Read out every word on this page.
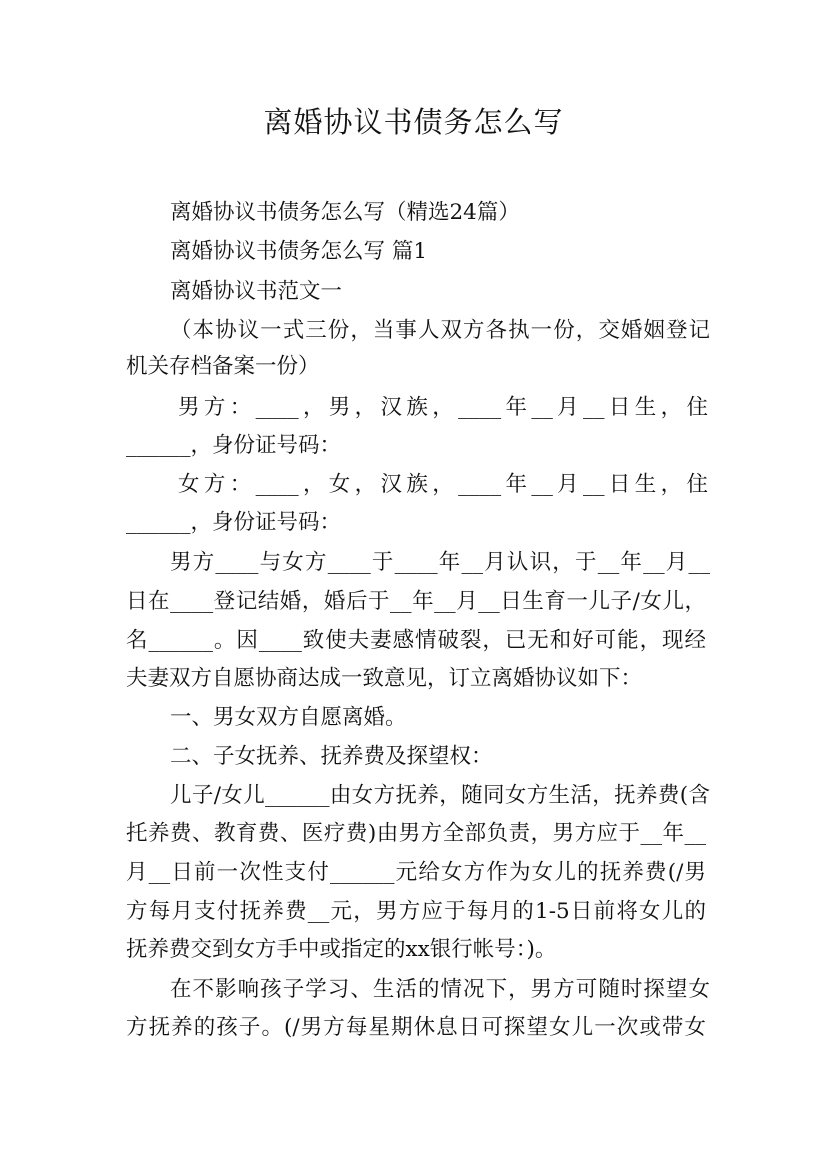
离婚协议书债务怎么写
离婚协议书债务怎么写（精选24篇）
离婚协议书债务怎么写 篇1
离婚协议书范文一
（本协议一式三份，当事人双方各执一份，交婚姻登记
机关存档备案一份）
男方：____，男，汉族，____年__月__日生，住
______，身份证号码：
女方：____，女，汉族，____年__月__日生，住
______，身份证号码：
男方____与女方____于____年__月认识，于__年__月__
日在____登记结婚，婚后于__年__月__日生育一儿子/女儿，
名______。因____致使夫妻感情破裂，已无和好可能，现经
夫妻双方自愿协商达成一致意见，订立离婚协议如下：
一、男女双方自愿离婚。
二、子女抚养、抚养费及探望权：
儿子/女儿______由女方抚养，随同女方生活，抚养费(含
托养费、教育费、医疗费)由男方全部负责，男方应于__年__
月__日前一次性支付______元给女方作为女儿的抚养费(/男
方每月支付抚养费__元，男方应于每月的1-5日前将女儿的
抚养费交到女方手中或指定的xx银行帐号：)。
在不影响孩子学习、生活的情况下，男方可随时探望女
方抚养的孩子。(/男方每星期休息日可探望女儿一次或带女
